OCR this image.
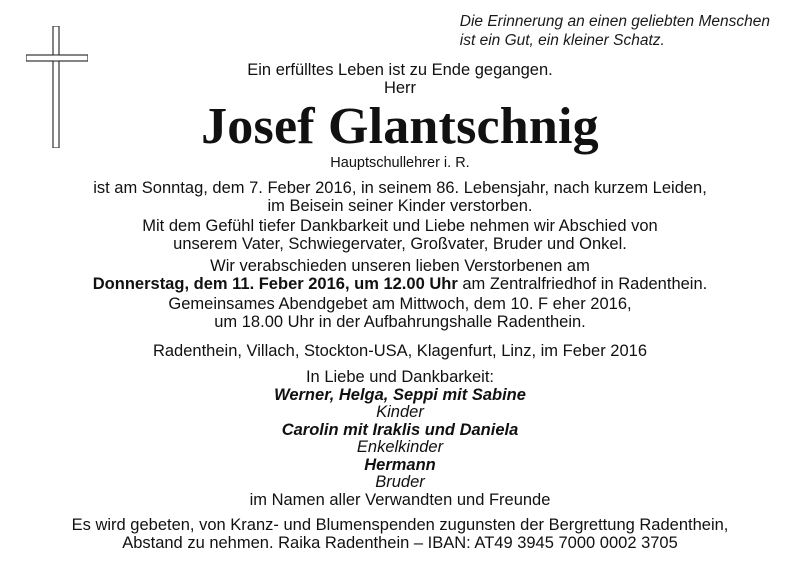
Die Erinnerung an einen geliebten Menschen
ist ein Gut, ein kleiner Schatz.
Ein erfülltes Leben ist zu Ende gegangen.
Herr
Josef Glantschnig
Hauptschullehrer i. R.
ist am Sonntag, dem 7. Feber 2016, in seinem 86. Lebensjahr, nach kurzem Leiden,
im Beisein seiner Kinder verstorben.
Mit dem Gefühl tiefer Dankbarkeit und Liebe nehmen wir Abschied von
unserem Vater, Schwiegervater, Großvater, Bruder und Onkel.
Wir verabschieden unseren lieben Verstorbenen am
Donnerstag, dem 11. Feber 2016, um 12.00 Uhr am Zentralfriedhof in Radenthein.
Gemeinsames Abendgebet am Mittwoch, dem 10. F eher 2016,
um 18.00 Uhr in der Aufbahrungshalle Radenthein.
Radenthein, Villach, Stockton-USA, Klagenfurt, Linz, im Feber 2016
In Liebe und Dankbarkeit:
Werner, Helga, Seppi mit Sabine
Kinder
Carolin mit Iraklis und Daniela
Enkelkinder
Hermann
Bruder
im Namen aller Verwandten und Freunde
Es wird gebeten, von Kranz- und Blumenspenden zugunsten der Bergrettung Radenthein,
Abstand zu nehmen. Raika Radenthein – IBAN: AT49 3945 7000 0002 3705
